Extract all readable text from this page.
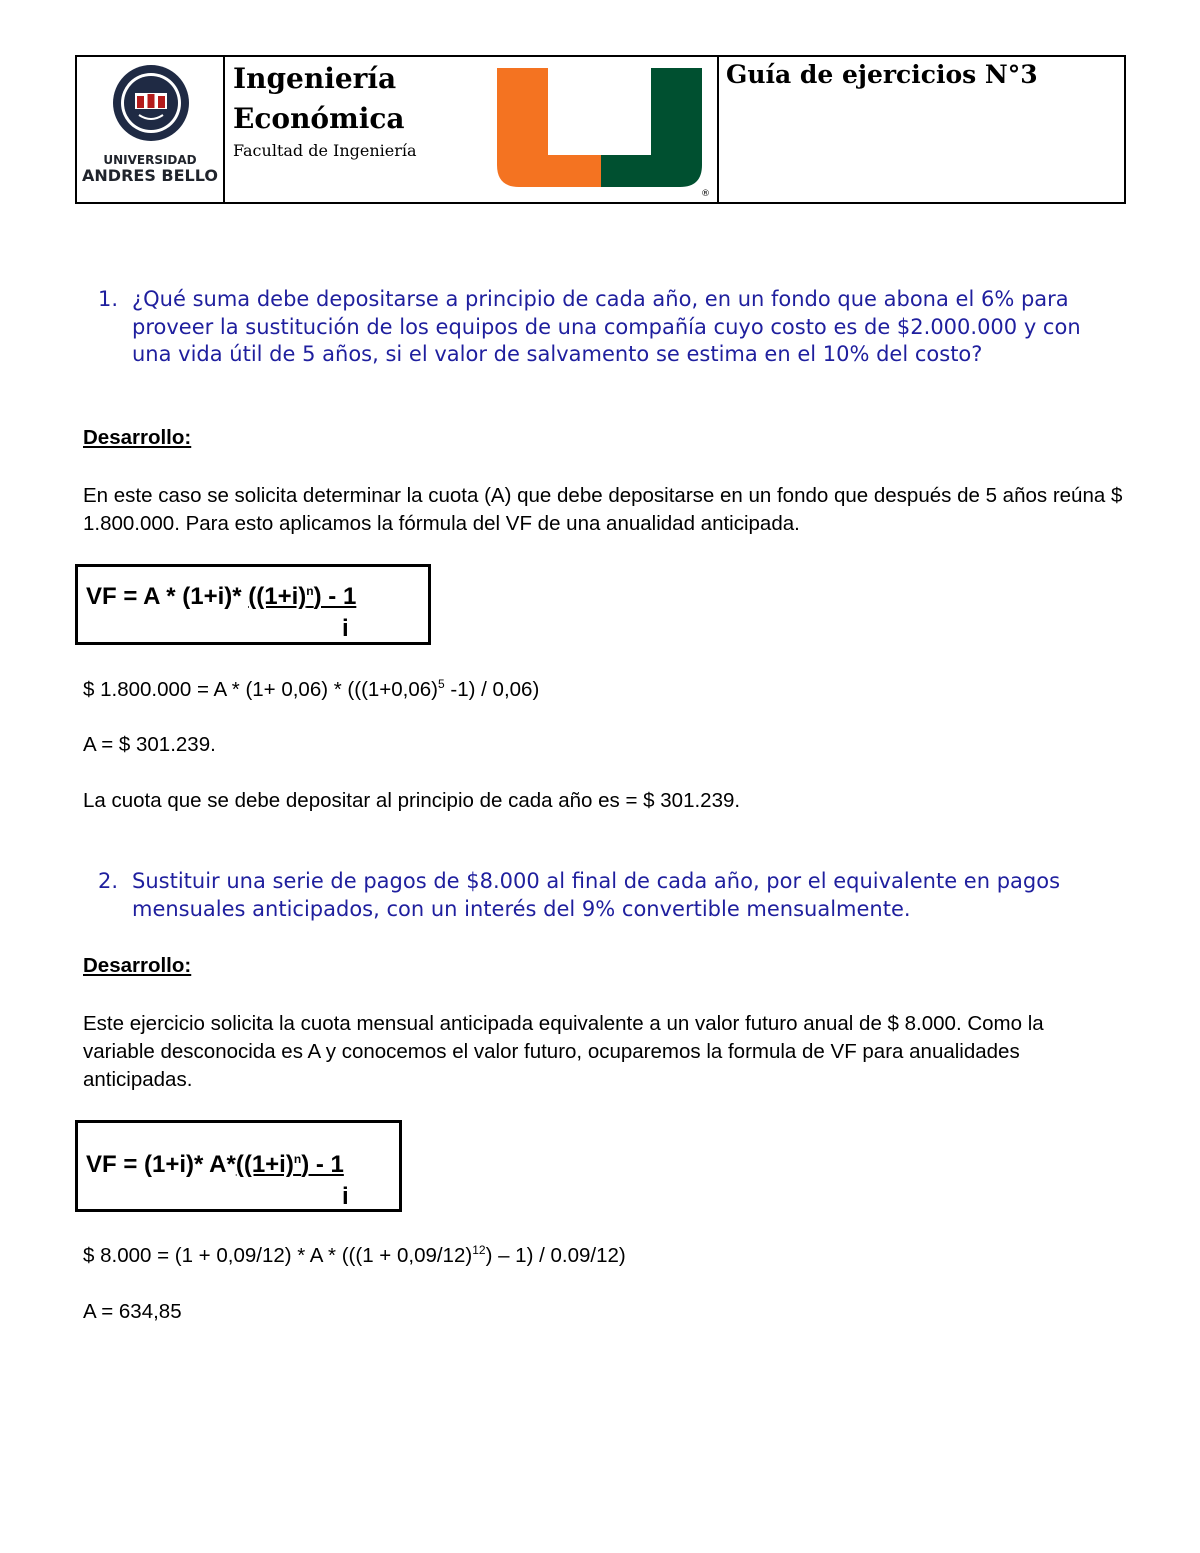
UNIVERSIDAD
ANDRES BELLO
Ingeniería
Económica
Facultad de Ingeniería
®
Guía de ejercicios N°3
1. ¿Qué suma debe depositarse a principio de cada año, en un fondo que abona el 6% para proveer la sustitución de los equipos de una compañía cuyo costo es de $2.000.000 y con una vida útil de 5 años, si el valor de salvamento se estima en el 10% del costo?
Desarrollo:
En este caso se solicita determinar la cuota (A) que debe depositarse en un fondo que después de 5 años reúna $ 1.800.000. Para esto aplicamos la fórmula del VF de una anualidad anticipada.
VF = A * (1+i)* $((1+i)^n) - 1$
i
$ $1.800.000 = A * (1+ 0,06) * (((1+0,06)^5$ -1) / 0,06)
A = $ 301.239.
La cuota que se debe depositar al principio de cada año es = $ 301.239.
2. Sustituir una serie de pagos de $8.000 al final de cada año, por el equivalente en pagos mensuales anticipados, con un interés del 9% convertible mensualmente.
Desarrollo:
Este ejercicio solicita la cuota mensual anticipada equivalente a un valor futuro anual de $ 8.000. Como la variable desconocida es A y conocemos el valor futuro, ocuparemos la formula de VF para anualidades anticipadas.
VF = (1+i)* $A*((1+i)^n) - 1$
i
$ $8.000 = (1 + 0,09/12) * A * (((1 + 0,09/12)^{12}) - 1) / 0.09/12$)
A = 634,85
